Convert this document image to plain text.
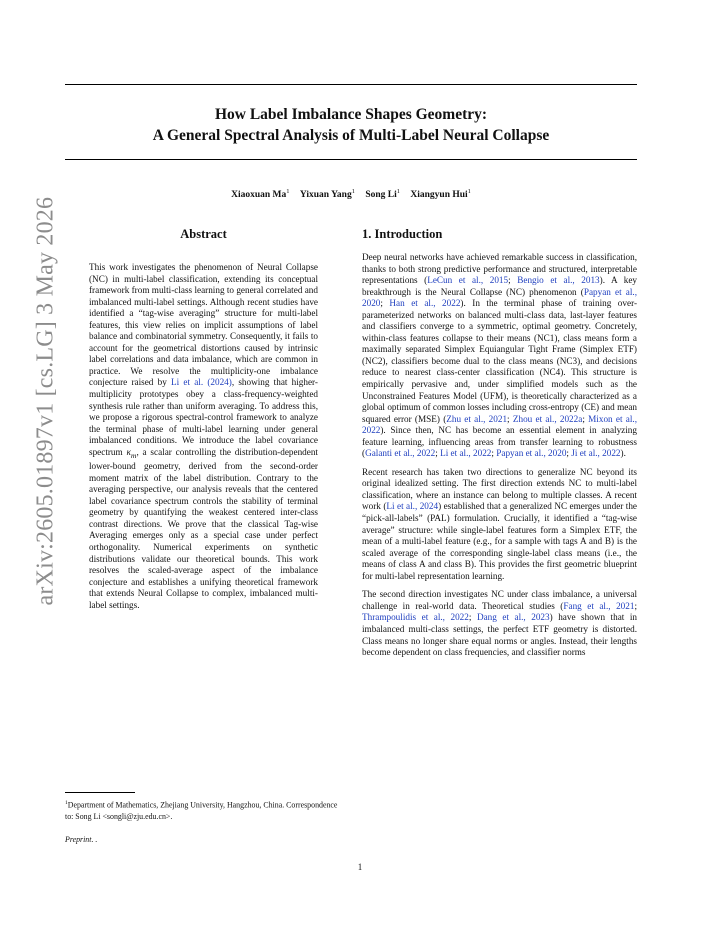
How Label Imbalance Shapes Geometry:
A General Spectral Analysis of Multi-Label Neural Collapse
Xiaoxuan Ma$^1$ Yixuan Yang$^1$ Song Li$^1$ Xiangyun Hui$^1$
arXiv:2605.01897v1 [cs.LG] 3 May 2026	Abstract
This work investigates the phenomenon of Neural Collapse (NC) in multi-label classification, extending its conceptual framework from multi-class learning to general correlated and imbalanced multi-label settings. Although recent studies have identified a “tag-wise averaging” structure for multi-label features, this view relies on implicit assumptions of label balance and combinatorial symmetry. Consequently, it fails to account for the geometrical distortions caused by intrinsic label correlations and data imbalance, which are common in practice. We resolve the multiplicity-one imbalance conjecture raised by Li et al. (2024), showing that higher-multiplicity prototypes obey a class-frequency-weighted synthesis rule rather than uniform averaging. To address this, we propose a rigorous spectral-control framework to analyze the terminal phase of multi-label learning under general imbalanced conditions. We introduce the label covariance spectrum $\kappa_m$, a scalar controlling the distribution-dependent lower-bound geometry, derived from the second-order moment matrix of the label distribution. Contrary to the averaging perspective, our analysis reveals that the centered label covariance spectrum controls the stability of terminal geometry by quantifying the weakest centered inter-class contrast directions. We prove that the classical Tag-wise Averaging emerges only as a special case under perfect orthogonality. Numerical experiments on synthetic distributions validate our theoretical bounds. This work resolves the scaled-average aspect of the imbalance conjecture and establishes a unifying theoretical framework that extends Neural Collapse to complex, imbalanced multi-label settings.
1. Introduction

Deep neural networks have achieved remarkable success in classification, thanks to both strong predictive performance and structured, interpretable representations (LeCun et al., 2015; Bengio et al., 2013). A key breakthrough is the Neural Collapse (NC) phenomenon (Papyan et al., 2020; Han et al., 2022). In the terminal phase of training over-parameterized networks on balanced multi-class data, last-layer features and classifiers converge to a symmetric, optimal geometry. Concretely, within-class features collapse to their means (NC1), class means form a maximally separated Simplex Equiangular Tight Frame (Simplex ETF) (NC2), classifiers become dual to the class means (NC3), and decisions reduce to nearest class-center classification (NC4). This structure is empirically pervasive and, under simplified models such as the Unconstrained Features Model (UFM), is theoretically characterized as a global optimum of common losses including cross-entropy (CE) and mean squared error (MSE) (Zhu et al., 2021; Zhou et al., 2022a; Mixon et al., 2022). Since then, NC has become an essential element in analyzing feature learning, influencing areas from transfer learning to robustness (Galanti et al., 2022; Li et al., 2022; Papyan et al., 2020; Ji et al., 2022).

Recent research has taken two directions to generalize NC beyond its original idealized setting. The first direction extends NC to multi-label classification, where an instance can belong to multiple classes. A recent work (Li et al., 2024) established that a generalized NC emerges under the “pick-all-labels” (PAL) formulation. Crucially, it identified a “tag-wise average” structure: while single-label features form a Simplex ETF, the mean of a multi-label feature (e.g., for a sample with tags A and B) is the scaled average of the corresponding single-label class means (i.e., the means of class A and class B). This provides the first geometric blueprint for multi-label representation learning.

The second direction investigates NC under class imbalance, a universal challenge in real-world data. Theoretical studies (Fang et al., 2021; Thrampoulidis et al., 2022; Dang et al., 2023) have shown that in imbalanced multi-class settings, the perfect ETF geometry is distorted. Class means no longer share equal norms or angles. Instead, their lengths become dependent on class frequencies, and classifier norms

$^1$Department of Mathematics, Zhejiang University, Hangzhou, China. Correspondence to: Song Li <songli@zju.edu.cn>.
Preprint. .
1
